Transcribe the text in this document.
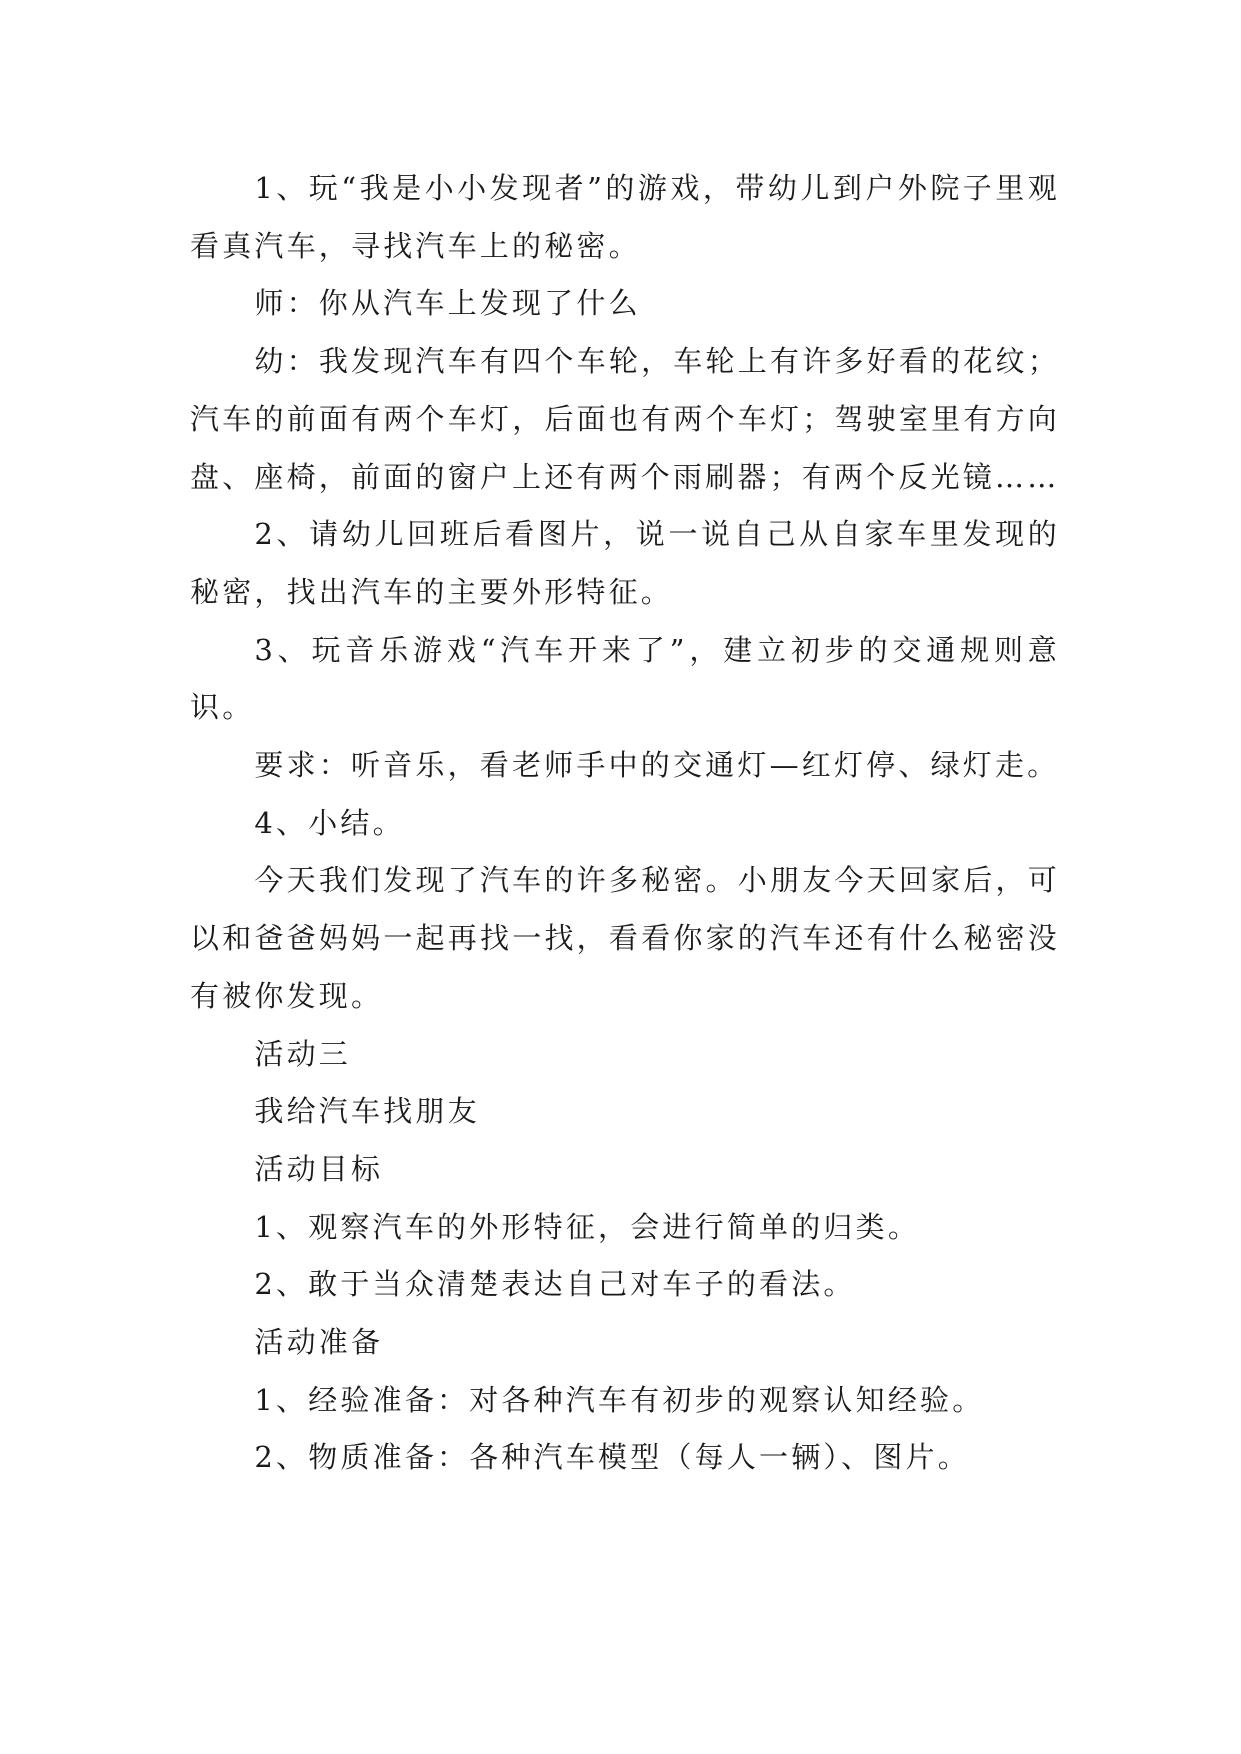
1、玩“我是小小发现者”的游戏，带幼儿到户外院子里观看真汽车，寻找汽车上的秘密。

师：你从汽车上发现了什么

幼：我发现汽车有四个车轮，车轮上有许多好看的花纹；汽车的前面有两个车灯，后面也有两个车灯；驾驶室里有方向盘、座椅，前面的窗户上还有两个雨刷器；有两个反光镜……

2、请幼儿回班后看图片，说一说自己从自家车里发现的秘密，找出汽车的主要外形特征。

3、玩音乐游戏“汽车开来了”，建立初步的交通规则意识。

要求：听音乐，看老师手中的交通灯—红灯停、绿灯走。

4、小结。

今天我们发现了汽车的许多秘密。小朋友今天回家后，可以和爸爸妈妈一起再找一找，看看你家的汽车还有什么秘密没有被你发现。

活动三

我给汽车找朋友

活动目标

1、观察汽车的外形特征，会进行简单的归类。

2、敢于当众清楚表达自己对车子的看法。

活动准备

1、经验准备：对各种汽车有初步的观察认知经验。

2、物质准备：各种汽车模型（每人一辆）、图片。
